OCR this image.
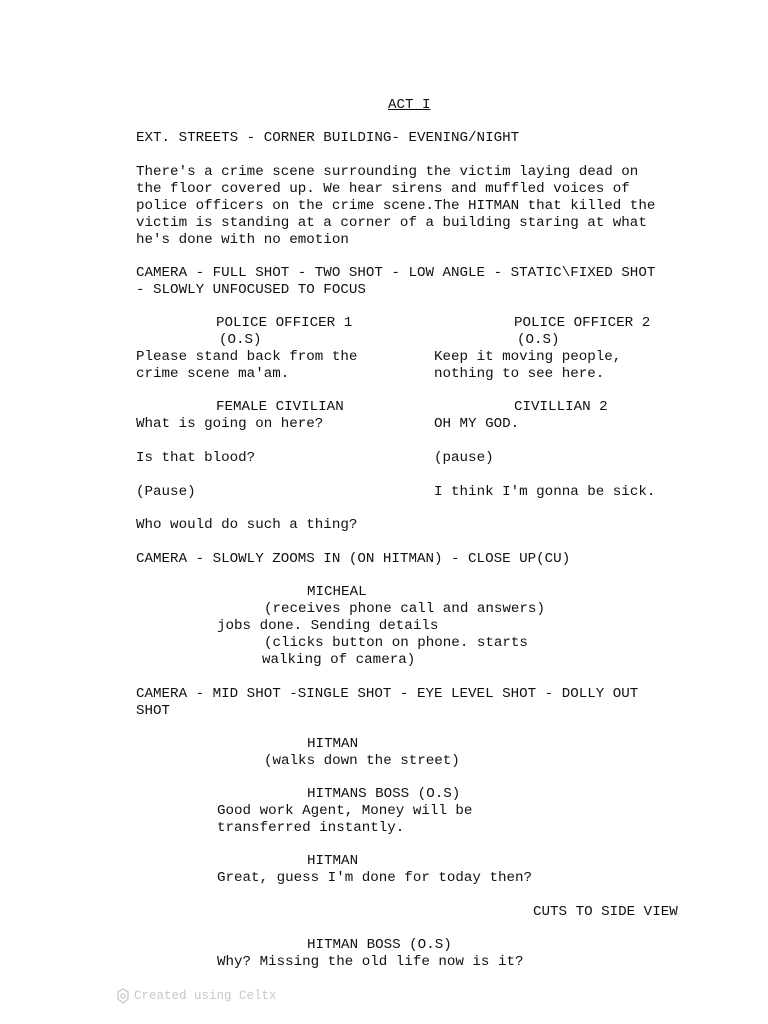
ACT I
EXT. STREETS - CORNER BUILDING- EVENING/NIGHT
There's a crime scene surrounding the victim laying dead on
the floor covered up. We hear sirens and muffled voices of
police officers on the crime scene.The HITMAN that killed the
victim is standing at a corner of a building staring at what
he's done with no emotion
CAMERA - FULL SHOT - TWO SHOT - LOW ANGLE - STATIC\FIXED SHOT
- SLOWLY UNFOCUSED TO FOCUS
POLICE OFFICER 1
(O.S)
Please stand back from the
crime scene ma'am.
POLICE OFFICER 2
(O.S)
Keep it moving people,
nothing to see here.
FEMALE CIVILIAN
What is going on here?
Is that blood?
(Pause)
Who would do such a thing?
CIVILLIAN 2
OH MY GOD.
(pause)
I think I'm gonna be sick.
CAMERA - SLOWLY ZOOMS IN (ON HITMAN) - CLOSE UP(CU)
MICHEAL
(receives phone call and answers)
jobs done. Sending details
(clicks button on phone. starts
walking of camera)
CAMERA - MID SHOT -SINGLE SHOT - EYE LEVEL SHOT - DOLLY OUT
SHOT
HITMAN
(walks down the street)
HITMANS BOSS (O.S)
Good work Agent, Money will be
transferred instantly.
HITMAN
Great, guess I'm done for today then?
CUTS TO SIDE VIEW
HITMAN BOSS (O.S)
Why? Missing the old life now is it?
Created using Celtx
